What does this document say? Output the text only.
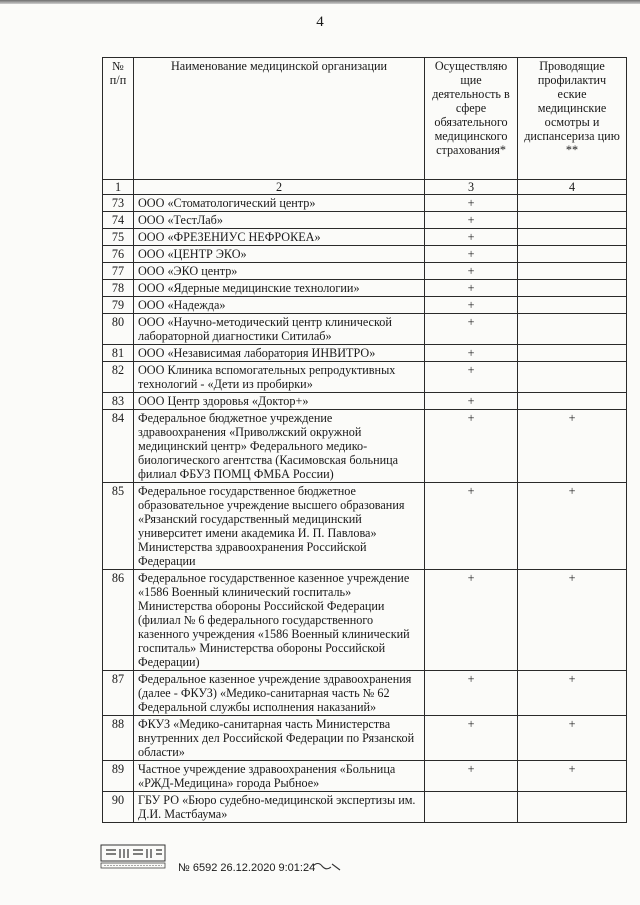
4
№ п/п	Наименование медицинской организации	Осуществляю щие деятельность в сфере обязательного медицинского страхования*	Проводящие профилактич еские медицинские осмотры и диспансериза цию **
1	2	3	4
73	ООО «Стоматологический центр»	+	
74	ООО «ТестЛаб»	+	
75	ООО «ФРЕЗЕНИУС НЕФРОКЕА»	+	
76	ООО «ЦЕНТР ЭКО»	+	
77	ООО «ЭКО центр»	+	
78	ООО «Ядерные медицинские технологии»	+	
79	ООО «Надежда»	+	
80	ООО «Научно-методический центр клинической лабораторной диагностики Ситилаб»	+	
81	ООО «Независимая лаборатория ИНВИТРО»	+	
82	ООО Клиника вспомогательных репродуктивных технологий - «Дети из пробирки»	+	
83	ООО Центр здоровья «Доктор+»	+	
84	Федеральное бюджетное учреждение здравоохранения «Приволжский окружной медицинский центр» Федерального медико-биологического агентства (Касимовская больница филиал ФБУЗ ПОМЦ ФМБА России)	+	+
85	Федеральное государственное бюджетное образовательное учреждение высшего образования «Рязанский государственный медицинский университет имени академика И. П. Павлова» Министерства здравоохранения Российской Федерации	+	+
86	Федеральное государственное казенное учреждение «1586 Военный клинический госпиталь» Министерства обороны Российской Федерации (филиал № 6 федерального государственного казенного учреждения «1586 Военный клинический госпиталь» Министерства обороны Российской Федерации)	+	+
87	Федеральное казенное учреждение здравоохранения (далее - ФКУЗ) «Медико-санитарная часть № 62 Федеральной службы исполнения наказаний»	+	+
88	ФКУЗ «Медико-санитарная часть Министерства внутренних дел Российской Федерации по Рязанской области»	+	+
89	Частное учреждение здравоохранения «Больница «РЖД-Медицина» города Рыбное»	+	+
90	ГБУ РО «Бюро судебно-медицинской экспертизы им. Д.И. Мастбаума»		
№ 6592 26.12.2020 9:01:24
